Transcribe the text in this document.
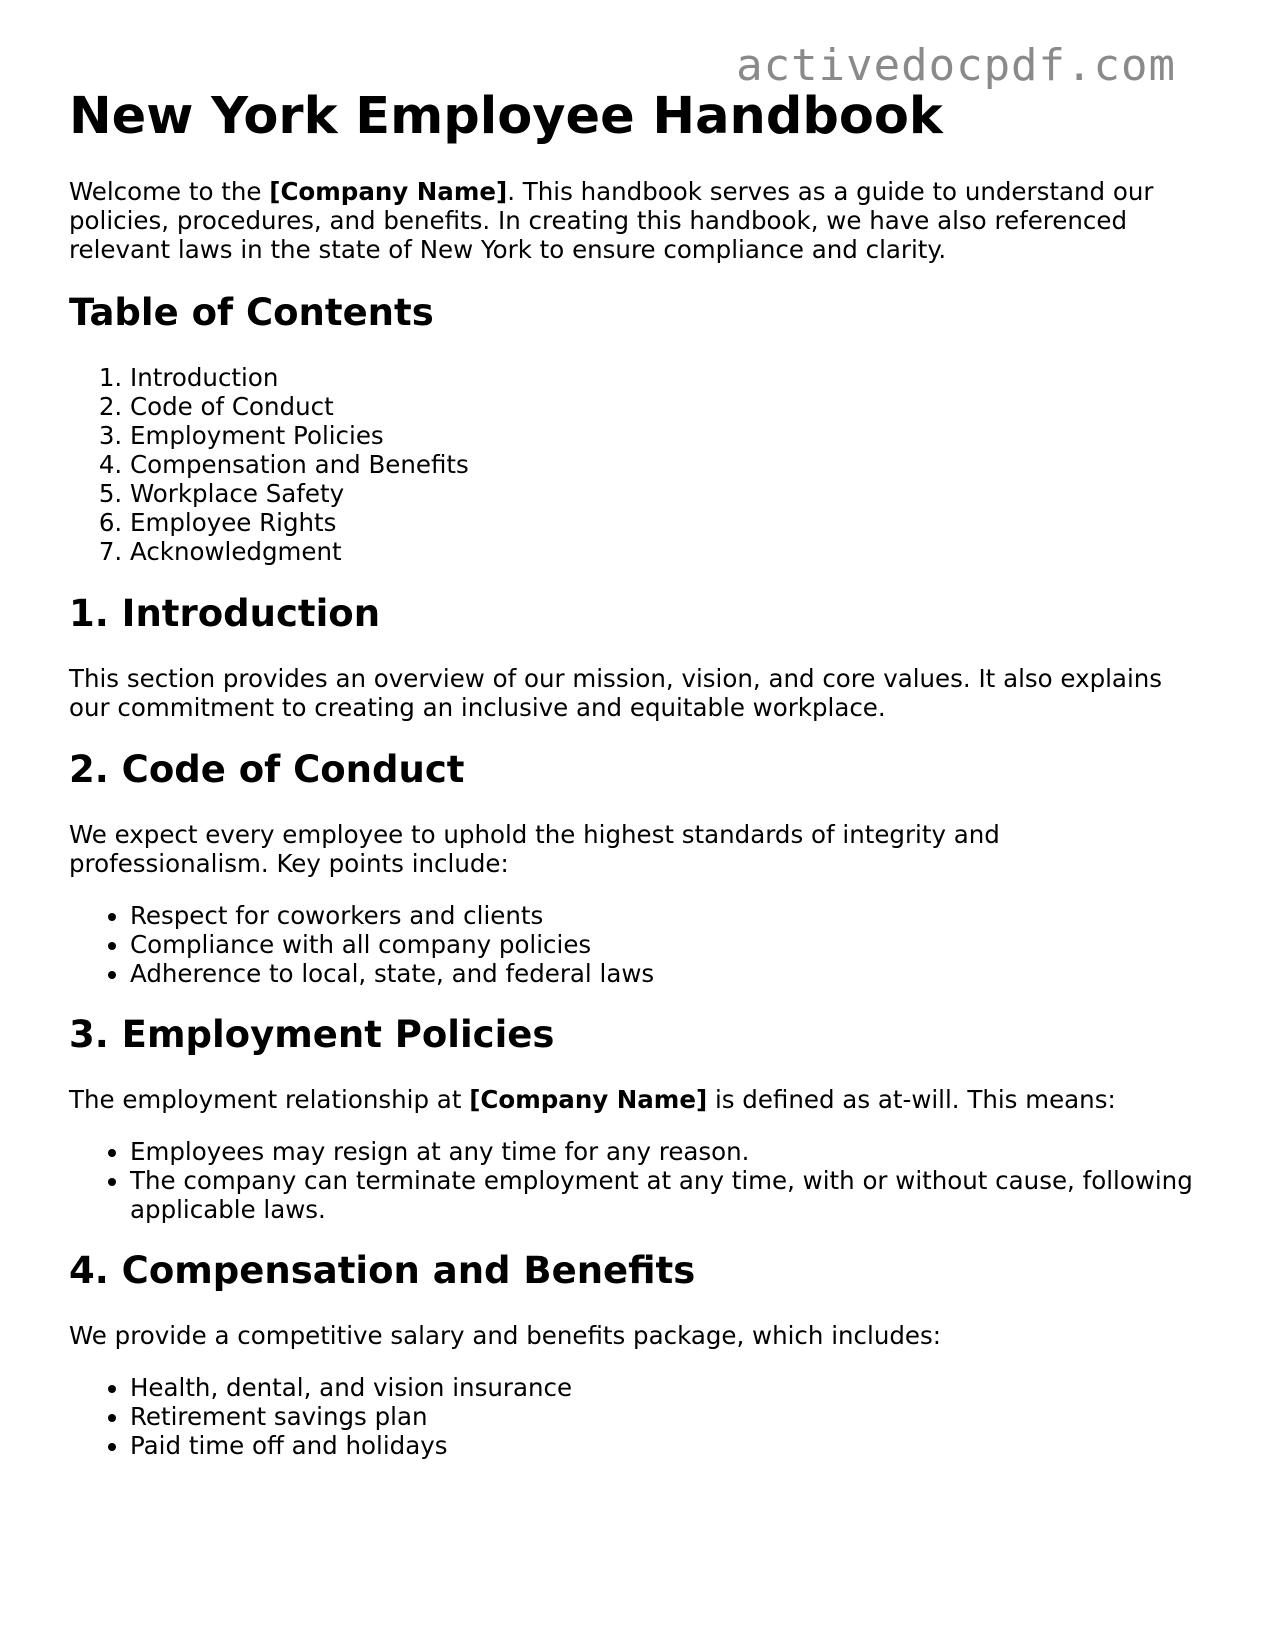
activedocpdf.com
New York Employee Handbook

Welcome to the [Company Name]. This handbook serves as a guide to understand our policies, procedures, and benefits. In creating this handbook, we have also referenced relevant laws in the state of New York to ensure compliance and clarity.

Table of Contents
1. Introduction
2. Code of Conduct
3. Employment Policies
4. Compensation and Benefits
5. Workplace Safety
6. Employee Rights
7. Acknowledgment
1. Introduction

This section provides an overview of our mission, vision, and core values. It also explains our commitment to creating an inclusive and equitable workplace.

2. Code of Conduct

We expect every employee to uphold the highest standards of integrity and professionalism. Key points include:

• Respect for coworkers and clients
• Compliance with all company policies
• Adherence to local, state, and federal laws
3. Employment Policies

The employment relationship at [Company Name] is defined as at-will. This means:

• Employees may resign at any time for any reason.
• The company can terminate employment at any time, with or without cause, following applicable laws.
4. Compensation and Benefits

We provide a competitive salary and benefits package, which includes:

• Health, dental, and vision insurance
• Retirement savings plan
• Paid time off and holidays
